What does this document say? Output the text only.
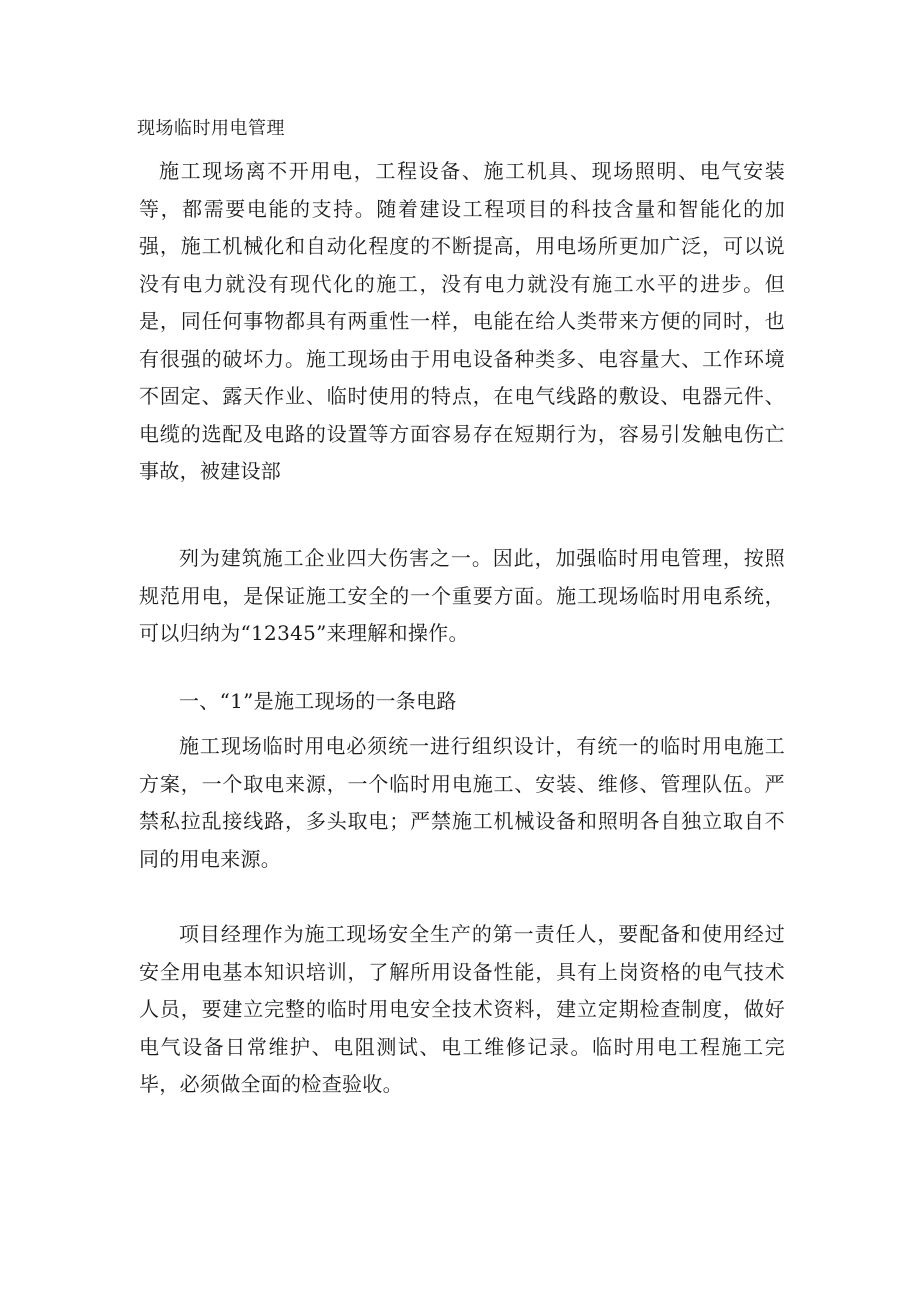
现场临时用电管理

施工现场离不开用电，工程设备、施工机具、现场照明、电气安装等，都需要电能的支持。随着建设工程项目的科技含量和智能化的加强，施工机械化和自动化程度的不断提高，用电场所更加广泛，可以说没有电力就没有现代化的施工，没有电力就没有施工水平的进步。但是，同任何事物都具有两重性一样，电能在给人类带来方便的同时，也有很强的破坏力。施工现场由于用电设备种类多、电容量大、工作环境不固定、露天作业、临时使用的特点，在电气线路的敷设、电器元件、电缆的选配及电路的设置等方面容易存在短期行为，容易引发触电伤亡事故，被建设部

列为建筑施工企业四大伤害之一。因此，加强临时用电管理，按照规范用电，是保证施工安全的一个重要方面。施工现场临时用电系统，可以归纳为“12345”来理解和操作。

一、“1”是施工现场的一条电路

施工现场临时用电必须统一进行组织设计，有统一的临时用电施工方案，一个取电来源，一个临时用电施工、安装、维修、管理队伍。严禁私拉乱接线路，多头取电；严禁施工机械设备和照明各自独立取自不同的用电来源。

项目经理作为施工现场安全生产的第一责任人，要配备和使用经过安全用电基本知识培训，了解所用设备性能，具有上岗资格的电气技术人员，要建立完整的临时用电安全技术资料，建立定期检查制度，做好电气设备日常维护、电阻测试、电工维修记录。临时用电工程施工完毕，必须做全面的检查验收。
